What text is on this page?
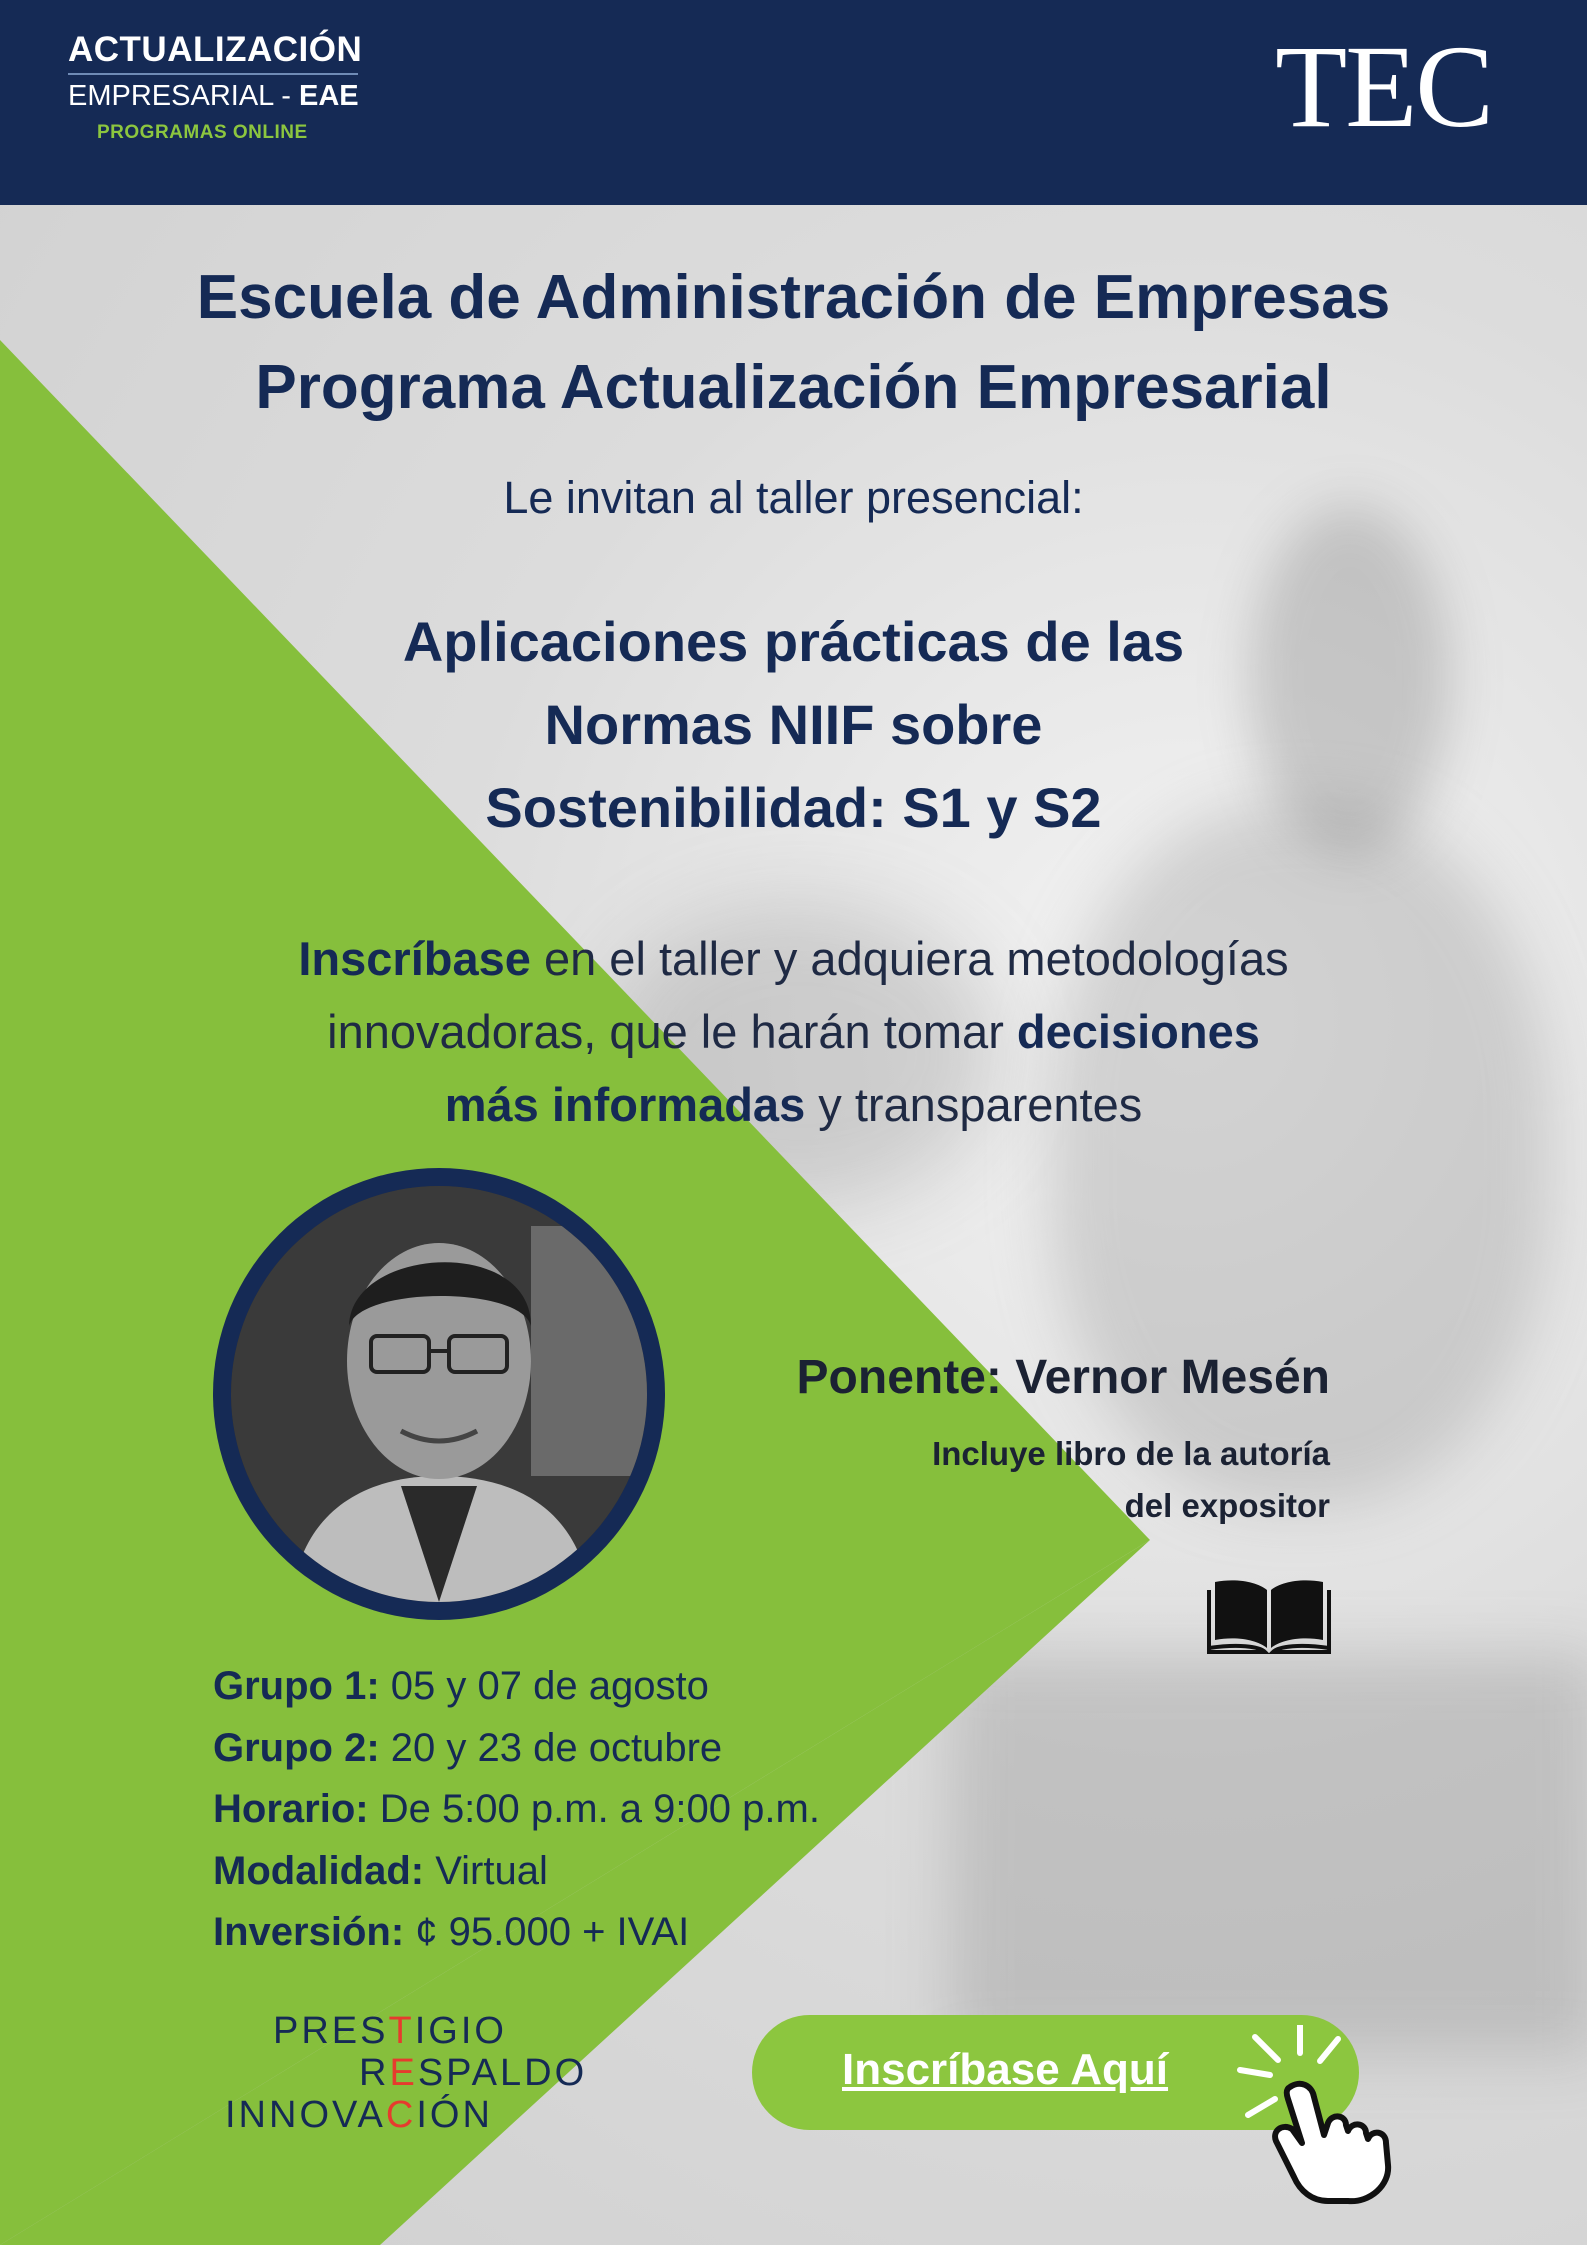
ACTUALIZACIÓN
EMPRESARIAL - EAE
PROGRAMAS ONLINE	TEC
Escuela de Administración de Empresas
Programa Actualización Empresarial
Le invitan al taller presencial:
Aplicaciones prácticas de las
Normas NIIF sobre
Sostenibilidad: S1 y S2
Inscríbase en el taller y adquiera metodologías
innovadoras, que le harán tomar decisiones
más informadas y transparentes
Ponente: Vernor Mesén
Incluye libro de la autoría
del expositor
Grupo 1: 05 y 07 de agosto
Grupo 2: 20 y 23 de octubre
Horario: De 5:00 p.m. a 9:00 p.m.
Modalidad: Virtual
Inversión: ¢ 95.000 + IVAI
PRESTIGIO
RESPALDO
INNOVACIÓN
Inscríbase Aquí
